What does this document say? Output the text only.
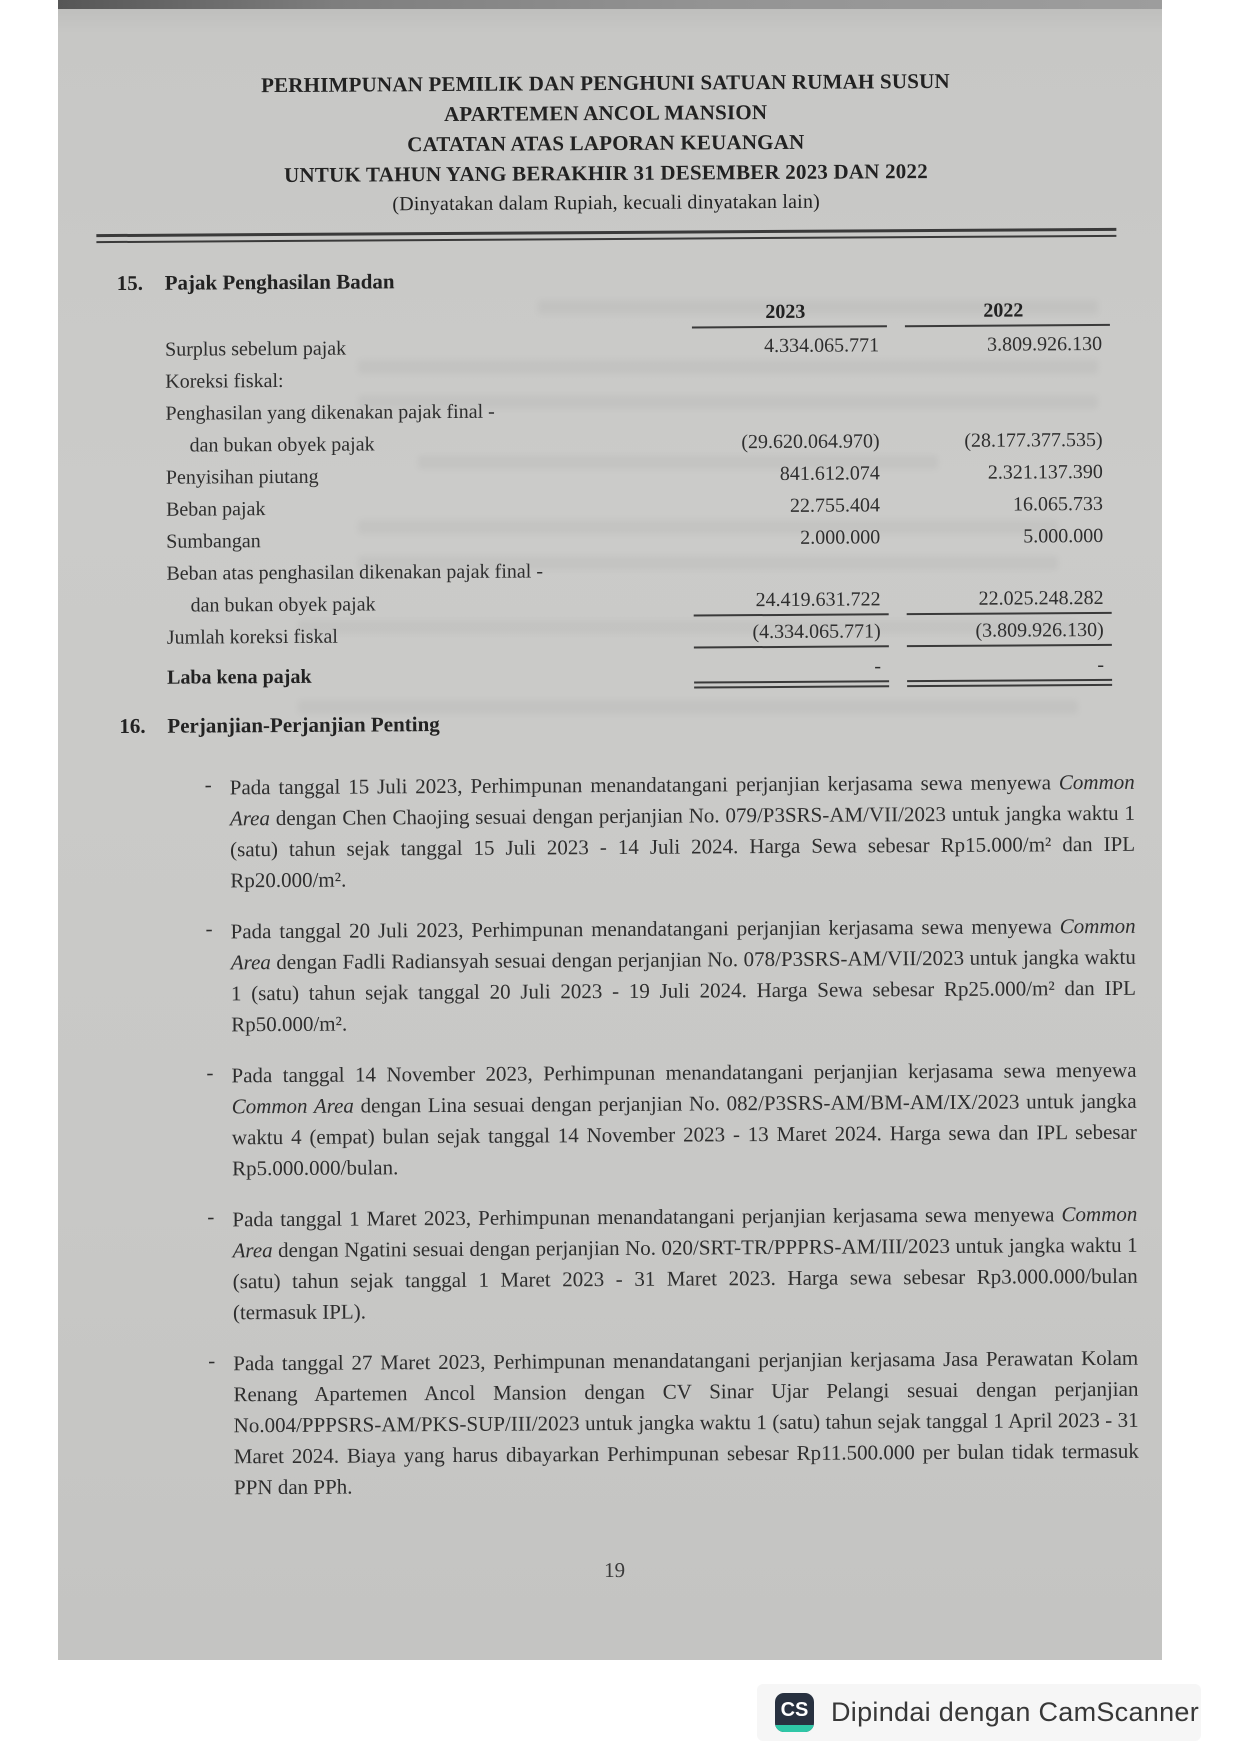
PERHIMPUNAN PEMILIK DAN PENGHUNI SATUAN RUMAH SUSUN
APARTEMEN ANCOL MANSION
CATATAN ATAS LAPORAN KEUANGAN
UNTUK TAHUN YANG BERAKHIR 31 DESEMBER 2023 DAN 2022
(Dinyatakan dalam Rupiah, kecuali dinyatakan lain)
15.	Pajak Penghasilan Badan
2023	2022
Surplus sebelum pajak	4.334.065.771	3.809.926.130
Koreksi fiskal:
Penghasilan yang dikenakan pajak final -
dan bukan obyek pajak	(29.620.064.970)	(28.177.377.535)
Penyisihan piutang	841.612.074	2.321.137.390
Beban pajak	22.755.404	16.065.733
Sumbangan	2.000.000	5.000.000
Beban atas penghasilan dikenakan pajak final -
dan bukan obyek pajak	24.419.631.722	22.025.248.282
Jumlah koreksi fiskal	(4.334.065.771)	(3.809.926.130)
Laba kena pajak	-	-
16.	Perjanjian-Perjanjian Penting
- Pada tanggal 15 Juli 2023, Perhimpunan menandatangani perjanjian kerjasama sewa menyewa Common Area dengan Chen Chaojing sesuai dengan perjanjian No. 079/P3SRS-AM/VII/2023 untuk jangka waktu 1 (satu) tahun sejak tanggal 15 Juli 2023 - 14 Juli 2024. Harga Sewa sebesar Rp15.000/m² dan IPL Rp20.000/m².
- Pada tanggal 20 Juli 2023, Perhimpunan menandatangani perjanjian kerjasama sewa menyewa Common Area dengan Fadli Radiansyah sesuai dengan perjanjian No. 078/P3SRS-AM/VII/2023 untuk jangka waktu 1 (satu) tahun sejak tanggal 20 Juli 2023 - 19 Juli 2024. Harga Sewa sebesar Rp25.000/m² dan IPL Rp50.000/m².
- Pada tanggal 14 November 2023, Perhimpunan menandatangani perjanjian kerjasama sewa menyewa Common Area dengan Lina sesuai dengan perjanjian No. 082/P3SRS-AM/BM-AM/IX/2023 untuk jangka waktu 4 (empat) bulan sejak tanggal 14 November 2023 - 13 Maret 2024. Harga sewa dan IPL sebesar Rp5.000.000/bulan.
- Pada tanggal 1 Maret 2023, Perhimpunan menandatangani perjanjian kerjasama sewa menyewa Common Area dengan Ngatini sesuai dengan perjanjian No. 020/SRT-TR/PPPRS-AM/III/2023 untuk jangka waktu 1 (satu) tahun sejak tanggal 1 Maret 2023 - 31 Maret 2023. Harga sewa sebesar Rp3.000.000/bulan (termasuk IPL).
- Pada tanggal 27 Maret 2023, Perhimpunan menandatangani perjanjian kerjasama Jasa Perawatan Kolam Renang Apartemen Ancol Mansion dengan CV Sinar Ujar Pelangi sesuai dengan perjanjian No.004/PPPSRS-AM/PKS-SUP/III/2023 untuk jangka waktu 1 (satu) tahun sejak tanggal 1 April 2023 - 31 Maret 2024. Biaya yang harus dibayarkan Perhimpunan sebesar Rp11.500.000 per bulan tidak termasuk PPN dan PPh.
19
CS Dipindai dengan CamScanner
